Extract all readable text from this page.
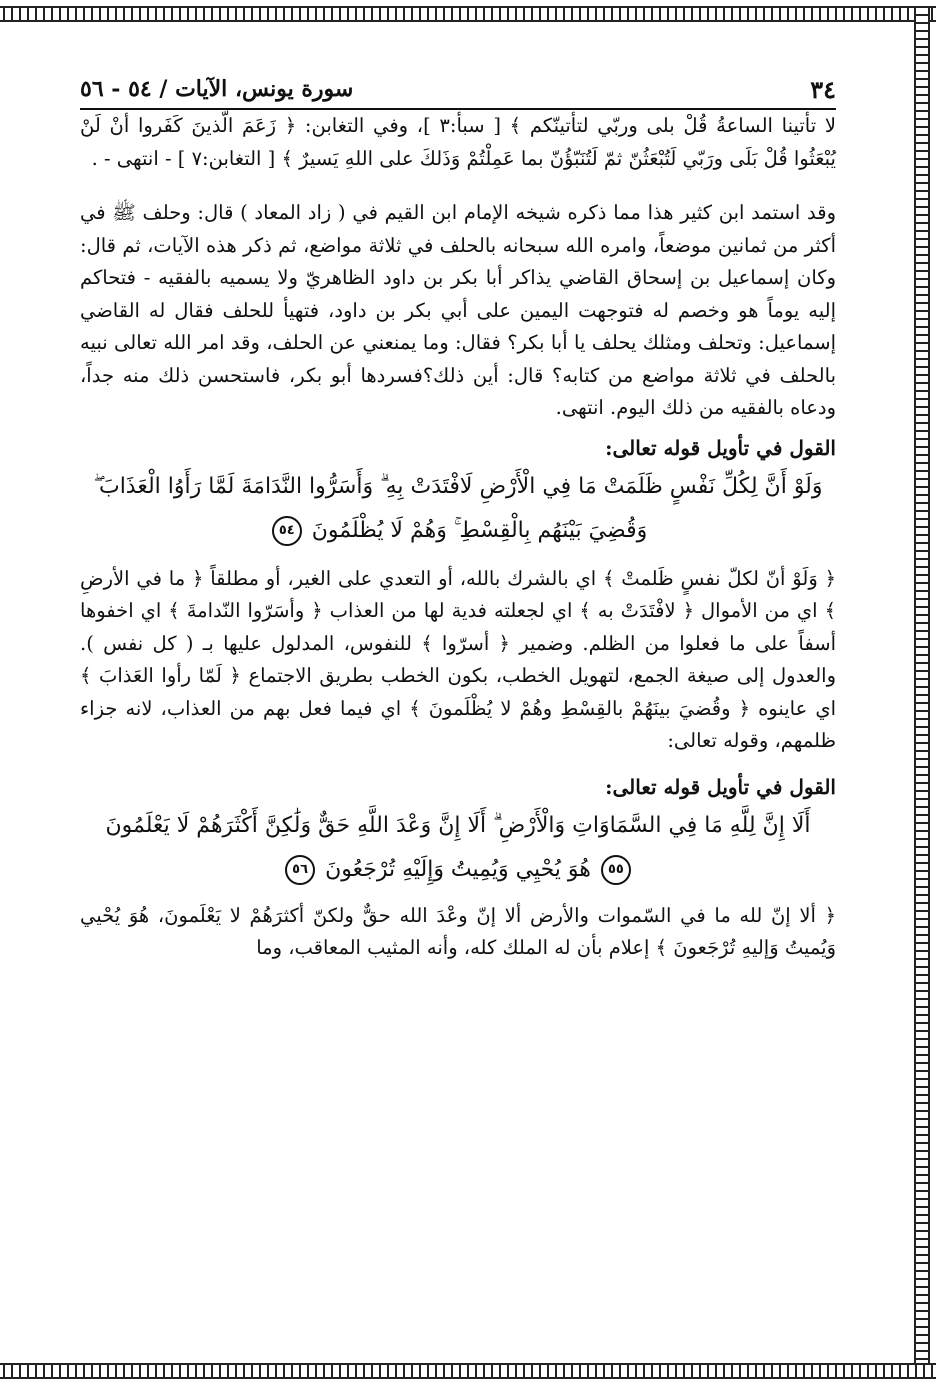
٣٤
سورة يونس، الآيات / ٥٤ - ٥٦

لا تأتينا الساعةُ قُلْ بلى وربّي لتأتينّكم ﴾ [ سبأ:٣ ]، وفي التغابن: ﴿ زَعَمَ الّذينَ كَفَروا أنْ لَنْ يُبْعَثُوا قُلْ بَلَى ورَبّي لَتُبْعَثُنّ ثمّ لَتُنَبّؤُنّ بما عَمِلْتُمْ وَذَلكَ على اللهِ يَسيرٌ ﴾ [ التغابن:٧ ] - انتهى - .

وقد استمد ابن كثير هذا مما ذكره شيخه الإمام ابن القيم في ( زاد المعاد ) قال: وحلف ﷺ في أكثر من ثمانين موضعاً، وامره الله سبحانه بالحلف في ثلاثة مواضع، ثم ذكر هذه الآيات، ثم قال: وكان إسماعيل بن إسحاق القاضي يذاكر أبا بكر بن داود الظاهريّ ولا يسميه بالفقيه - فتحاكم إليه يوماً هو وخصم له فتوجهت اليمين على أبي بكر بن داود، فتهيأ للحلف فقال له القاضي إسماعيل: وتحلف ومثلك يحلف يا أبا بكر؟ فقال: وما يمنعني عن الحلف، وقد امر الله تعالى نبيه بالحلف في ثلاثة مواضع من كتابه؟ قال: أين ذلك؟فسردها أبو بكر، فاستحسن ذلك منه جداً، ودعاه بالفقيه من ذلك اليوم. انتهى.

القول في تأويل قوله تعالى:

وَلَوْ أَنَّ لِكُلِّ نَفْسٍ ظَلَمَتْ مَا فِي الْأَرْضِ لَافْتَدَتْ بِهِ ۗ وَأَسَرُّوا النَّدَامَةَ لَمَّا رَأَوُا الْعَذَابَ ۖ
وَقُضِيَ بَيْنَهُم بِالْقِسْطِ ۚ وَهُمْ لَا يُظْلَمُونَ ٥٤

﴿ وَلَوْ أنّ لكلّ نفسٍ ظَلمتْ ﴾ اي بالشرك بالله، أو التعدي على الغير، أو مطلقاً ﴿ ما في الأرضِ ﴾ اي من الأموال ﴿ لافْتَدَتْ به ﴾ اي لجعلته فدية لها من العذاب ﴿ وأسَرّوا النّدامةَ ﴾ اي اخفوها أسفاً على ما فعلوا من الظلم. وضمير ﴿ أسرّوا ﴾ للنفوس، المدلول عليها بـ ( كل نفس ). والعدول إلى صيغة الجمع، لتهويل الخطب، بكون الخطب بطريق الاجتماع ﴿ لَمّا رأوا العَذابَ ﴾ اي عاينوه ﴿ وقُضيَ بينَهُمْ بالقِسْطِ وهُمْ لا يُظْلَمونَ ﴾ اي فيما فعل بهم من العذاب، لانه جزاء ظلمهم، وقوله تعالى:

القول في تأويل قوله تعالى:

أَلَا إِنَّ لِلَّهِ مَا فِي السَّمَاوَاتِ وَالْأَرْضِ ۗ أَلَا إِنَّ وَعْدَ اللَّهِ حَقٌّ وَلَٰكِنَّ أَكْثَرَهُمْ لَا يَعْلَمُونَ
٥٥ هُوَ يُحْيِي وَيُمِيتُ وَإِلَيْهِ تُرْجَعُونَ ٥٦

﴿ ألا إنّ لله ما في السّموات والأرض ألا إنّ وعْدَ الله حقٌّ ولكنّ أكثرَهُمْ لا يَعْلَمونَ، هُوَ يُحْيي وَيُميتُ وَإليهِ تُرْجَعونَ ﴾ إعلام بأن له الملك كله، وأنه المثيب المعاقب، وما
